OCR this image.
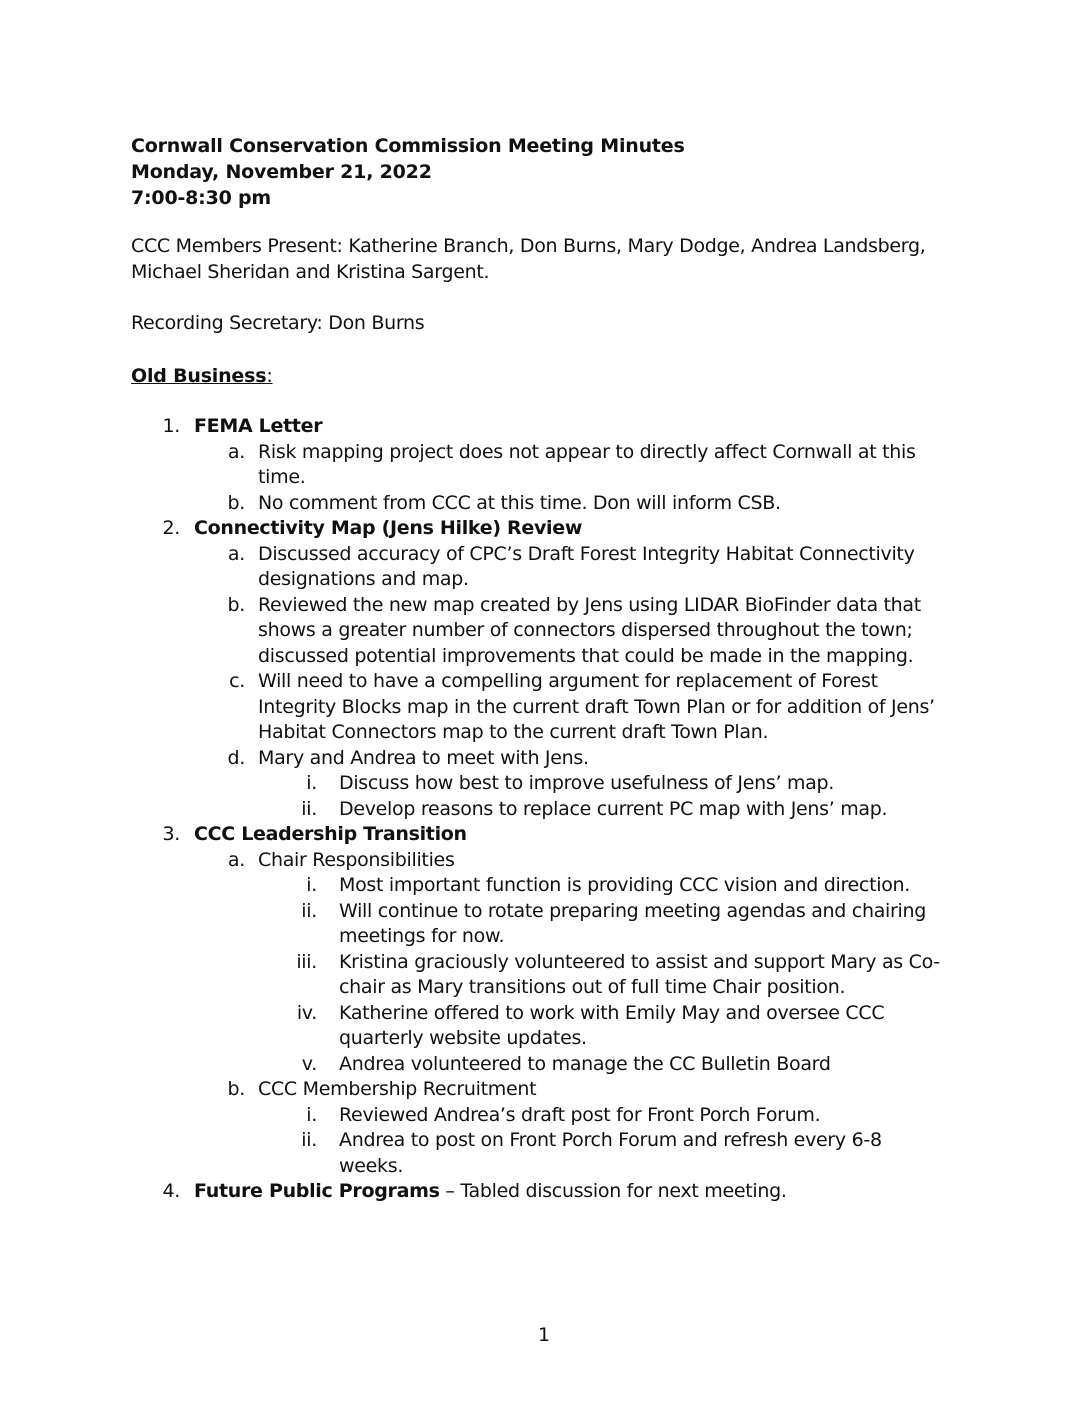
Cornwall Conservation Commission Meeting Minutes
Monday, November 21, 2022
7:00-8:30 pm
CCC Members Present: Katherine Branch, Don Burns, Mary Dodge, Andrea Landsberg,
Michael Sheridan and Kristina Sargent.
Recording Secretary: Don Burns
Old Business:
1. FEMA Letter
a. Risk mapping project does not appear to directly affect Cornwall at this
time.
b. No comment from CCC at this time. Don will inform CSB.
2. Connectivity Map (Jens Hilke) Review
a. Discussed accuracy of CPC’s Draft Forest Integrity Habitat Connectivity
designations and map.
b. Reviewed the new map created by Jens using LIDAR BioFinder data that
shows a greater number of connectors dispersed throughout the town;
discussed potential improvements that could be made in the mapping.
c. Will need to have a compelling argument for replacement of Forest
Integrity Blocks map in the current draft Town Plan or for addition of Jens’
Habitat Connectors map to the current draft Town Plan.
d. Mary and Andrea to meet with Jens.
i. Discuss how best to improve usefulness of Jens’ map.
ii. Develop reasons to replace current PC map with Jens’ map.
3. CCC Leadership Transition
a. Chair Responsibilities
i. Most important function is providing CCC vision and direction.
ii. Will continue to rotate preparing meeting agendas and chairing
meetings for now.
iii. Kristina graciously volunteered to assist and support Mary as Co-
chair as Mary transitions out of full time Chair position.
iv. Katherine offered to work with Emily May and oversee CCC
quarterly website updates.
v. Andrea volunteered to manage the CC Bulletin Board
b. CCC Membership Recruitment
i. Reviewed Andrea’s draft post for Front Porch Forum.
ii. Andrea to post on Front Porch Forum and refresh every 6-8
weeks.
4. Future Public Programs – Tabled discussion for next meeting.
1
